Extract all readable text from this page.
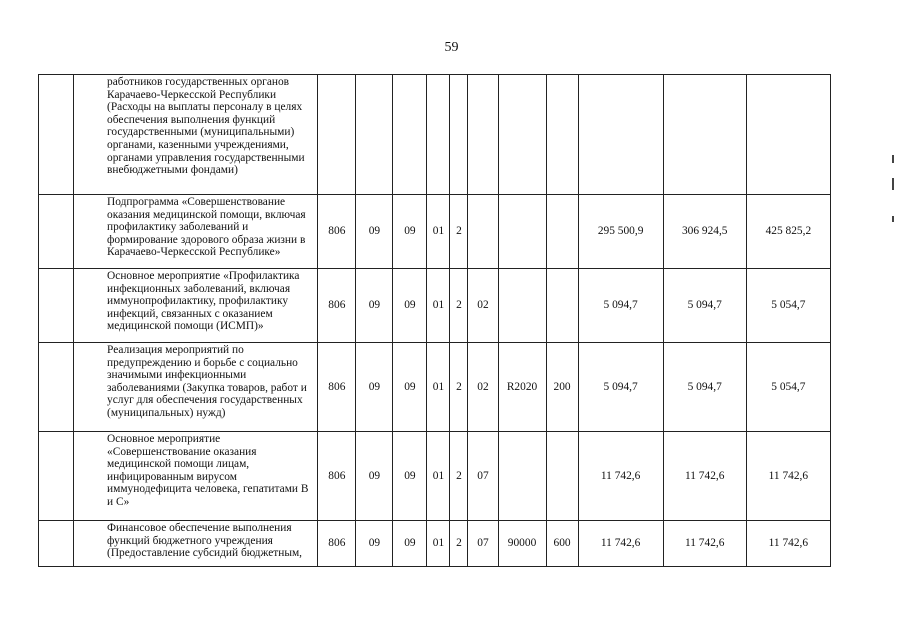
59

	работников государственных органов Карачаево-Черкесской Республики (Расходы на выплаты персоналу в целях обеспечения выполнения функций государственными (муниципальными) органами, казенными учреждениями, органами управления государственными внебюджетными фондами)											

	Подпрограмма «Совершенствование оказания медицинской помощи, включая профилактику заболеваний и формирование здорового образа жизни в Карачаево-Черкесской Республике»	806	09	09	01	2				295 500,9	306 924,5	425 825,2

	Основное мероприятие «Профилактика инфекционных заболеваний, включая иммунопрофилактику, профилактику инфекций, связанных с оказанием медицинской помощи (ИСМП)»	806	09	09	01	2	02			5 094,7	5 094,7	5 054,7

	Реализация мероприятий по предупреждению и борьбе с социально значимыми инфекционными заболеваниями (Закупка товаров, работ и услуг для обеспечения государственных (муниципальных) нужд)	806	09	09	01	2	02	R2020	200	5 094,7	5 094,7	5 054,7

	Основное мероприятие «Совершенствование оказания медицинской помощи лицам, инфицированным вирусом иммунодефицита человека, гепатитами В и С»	806	09	09	01	2	07			11 742,6	11 742,6	11 742,6

	Финансовое обеспечение выполнения функций бюджетного учреждения (Предоставление субсидий бюджетным,	806	09	09	01	2	07	90000	600	11 742,6	11 742,6	11 742,6
